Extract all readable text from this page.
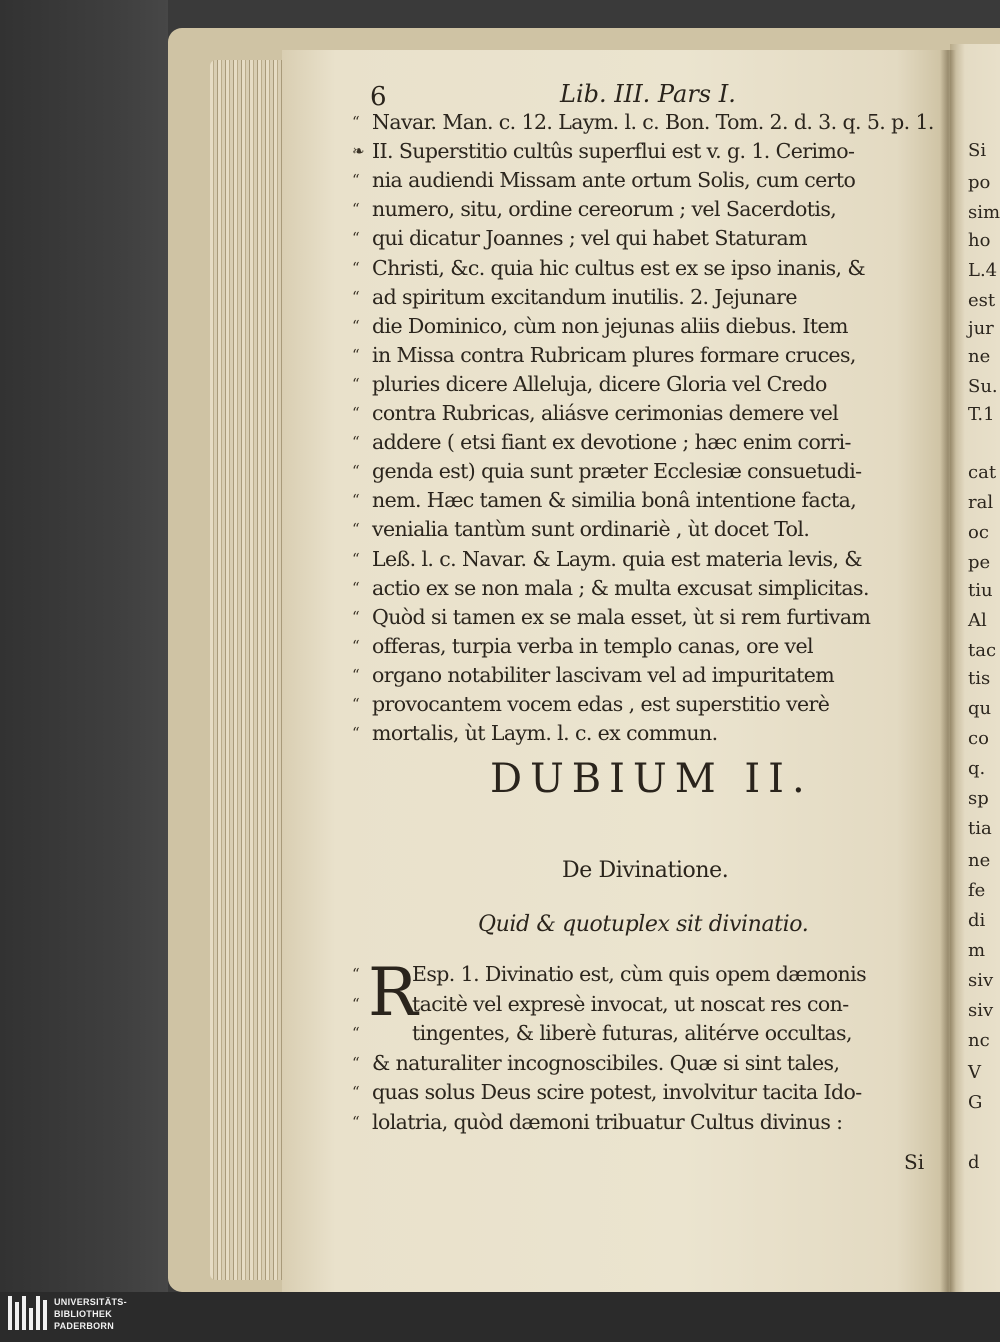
6	Lib. III. Pars I.
“ Navar. Man. c. 12. Laym. l. c. Bon. Tom. 2. d. 3. q. 5. p. 1.
❧ II. Superstitio cultûs superflui est v. g. 1. Cerimo-
“ nia audiendi Missam ante ortum Solis, cum certo
“ numero, situ, ordine cereorum ; vel Sacerdotis,
“ qui dicatur Joannes ; vel qui habet Staturam
“ Christi, &c. quia hic cultus est ex se ipso inanis, &
“ ad spiritum excitandum inutilis. 2. Jejunare
“ die Dominico, cùm non jejunas aliis diebus. Item
“ in Missa contra Rubricam plures formare cruces,
“ pluries dicere Alleluja, dicere Gloria vel Credo
“ contra Rubricas, aliásve cerimonias demere vel
“ addere ( etsi fiant ex devotione ; hæc enim corri-
“ genda est) quia sunt præter Ecclesiæ consuetudi-
“ nem. Hæc tamen & similia bonâ intentione facta,
“ venialia tantùm sunt ordinariè , ùt docet Tol.
“ Leß. l. c. Navar. & Laym. quia est materia levis, &
“ actio ex se non mala ; & multa excusat simplicitas.
“ Quòd si tamen ex se mala esset, ùt si rem furtivam
“ offeras, turpia verba in templo canas, ore vel
“ organo notabiliter lascivam vel ad impuritatem
“ provocantem vocem edas , est superstitio verè
“ mortalis, ùt Laym. l. c. ex commun.
DUBIUM II.
De Divinatione.
Quid & quotuplex sit divinatio.
R
“	Esp. 1. Divinatio est, cùm quis opem dæmonis
“	tacitè vel expresè invocat, ut noscat res con-
“	tingentes, & liberè futuras, alitérve occultas,
“ & naturaliter incognoscibiles. Quæ si sint tales,
“ quas solus Deus scire potest, involvitur tacita Ido-
“ lolatria, quòd dæmoni tribuatur Cultus divinus :
Si
Si
po
sim
ho
L.4
est
jur
ne
Su.
T.1
cat
ral
oc
pe
tiu
Al
tac
tis
qu
co
q.
sp
tia
ne
fe
di
m
siv
siv
nc
V
G
d
UNIVERSITÄTS-
BIBLIOTHEK
PADERBORN
